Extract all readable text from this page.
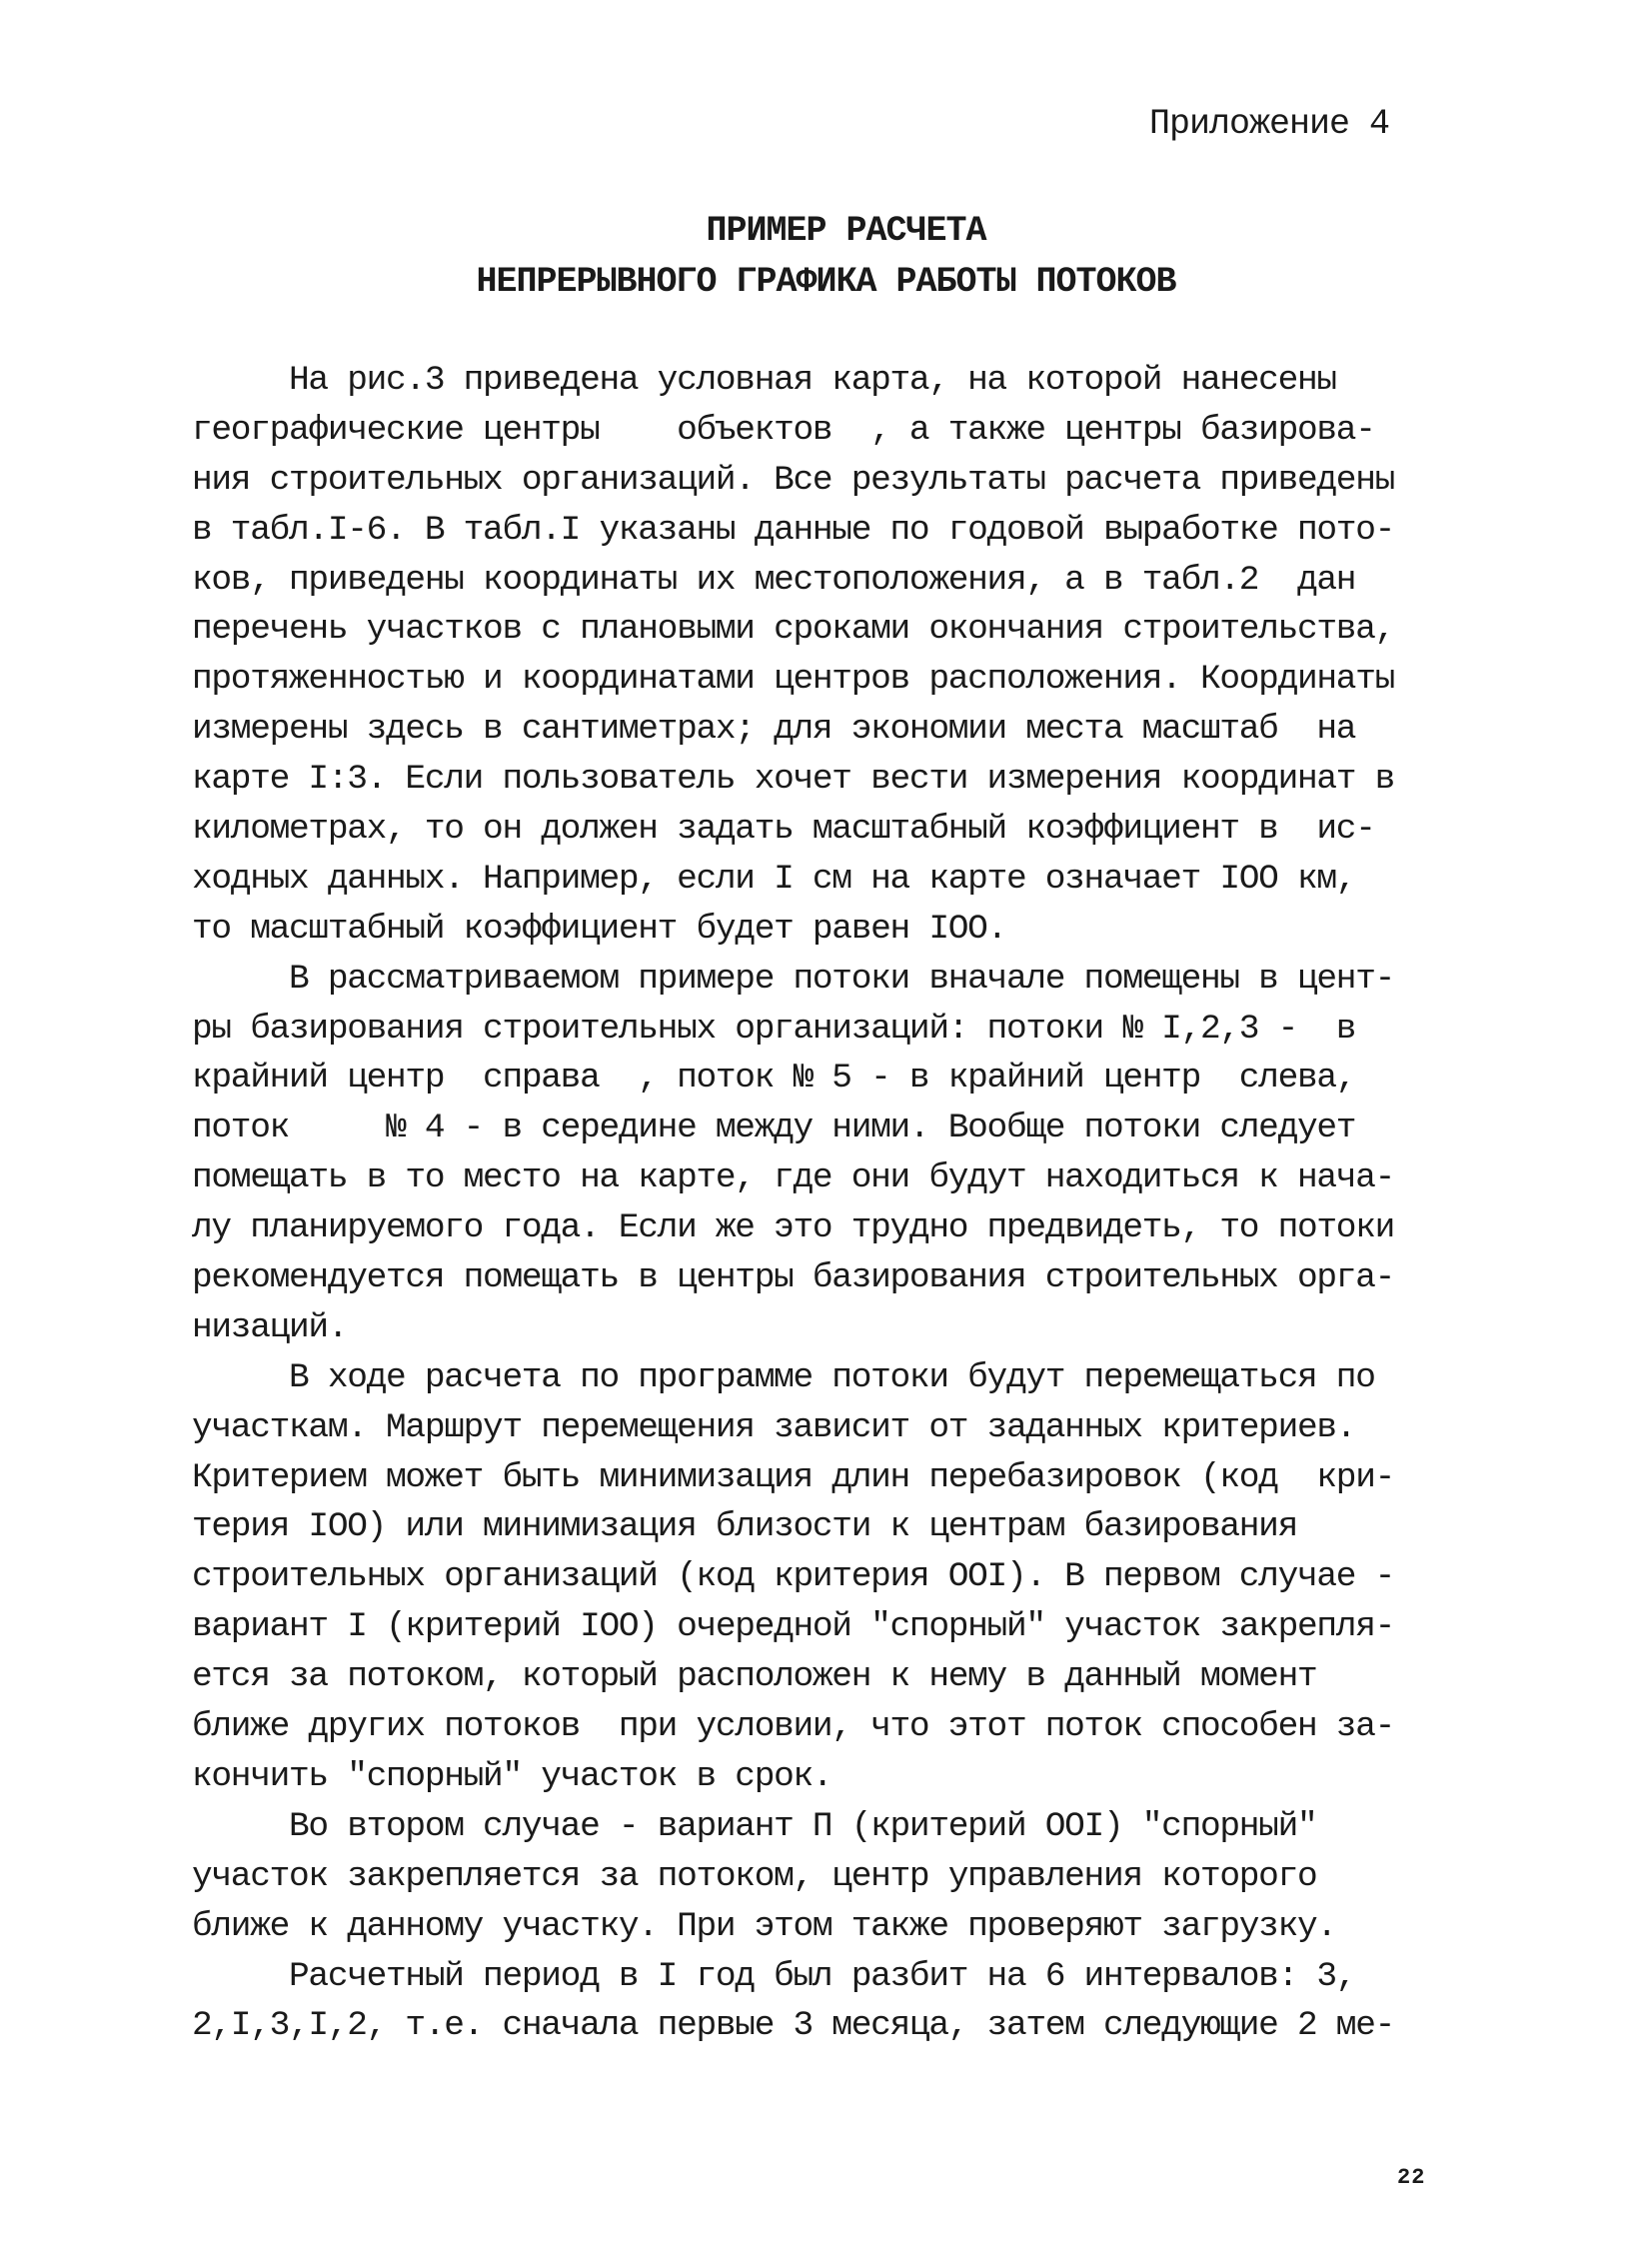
Приложение 4
ПРИМЕР РАСЧЕТА
НЕПРЕРЫВНОГО ГРАФИКА РАБОТЫ ПОТОКОВ
На рис.3 приведена условная карта, на которой нанесены
географические центры    объектов  , а также центры базирова-
ния строительных организаций. Все результаты расчета приведены
в табл.I-6. В табл.I указаны данные по годовой выработке пото-
ков, приведены координаты их местоположения, а в табл.2  дан
перечень участков с плановыми сроками окончания строительства,
протяженностью и координатами центров расположения. Координаты
измерены здесь в сантиметрах; для экономии места масштаб  на
карте I:3. Если пользователь хочет вести измерения координат в
километрах, то он должен задать масштабный коэффициент в  ис-
ходных данных. Например, если I см на карте означает IOO км,
то масштабный коэффициент будет равен IOO.
В рассматриваемом примере потоки вначале помещены в цент-
ры базирования строительных организаций: потоки № I,2,3 -  в
крайний центр  справа  , поток № 5 - в крайний центр  слева,
поток     № 4 - в середине между ними. Вообще потоки следует
помещать в то место на карте, где они будут находиться к нача-
лу планируемого года. Если же это трудно предвидеть, то потоки
рекомендуется помещать в центры базирования строительных орга-
низаций.
В ходе расчета по программе потоки будут перемещаться по
участкам. Маршрут перемещения зависит от заданных критериев.
Критерием может быть минимизация длин перебазировок (код  кри-
терия IOO) или минимизация близости к центрам базирования
строительных организаций (код критерия OOI). В первом случае -
вариант I (критерий IOO) очередной "спорный" участок закрепля-
ется за потоком, который расположен к нему в данный момент
ближе других потоков  при условии, что этот поток способен за-
кончить "спорный" участок в срок.
Во втором случае - вариант П (критерий OOI) "спорный"
участок закрепляется за потоком, центр управления которого
ближе к данному участку. При этом также проверяют загрузку.
Расчетный период в I год был разбит на 6 интервалов: 3,
2,I,3,I,2, т.е. сначала первые 3 месяца, затем следующие 2 ме-
22
